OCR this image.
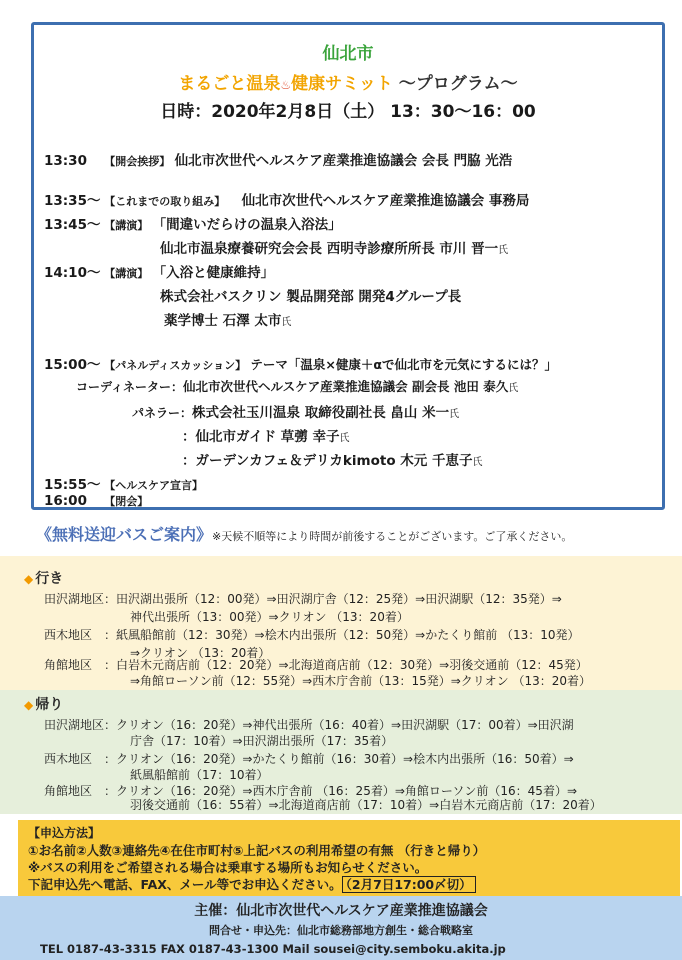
仙北市
まるごと温泉♨健康サミット ～プログラム～
日時：2020年2月8日（土） 13：30～16：00
13:30 【開会挨拶】 仙北市次世代ヘルスケア産業推進協議会 会長 門脇 光浩
13:35～ 【これまでの取り組み】 仙北市次世代ヘルスケア産業推進協議会 事務局
13:45～ 【講演】 「間違いだらけの温泉入浴法」
仙北市温泉療養研究会会長 西明寺診療所所長 市川 晋一氏
14:10～ 【講演】 「入浴と健康維持」
株式会社バスクリン 製品開発部 開発4グループ長
薬学博士 石澤 太市氏
15:00～ 【パネルディスカッション】 テーマ「温泉×健康＋αで仙北市を元気にするには？」
コーディネーター：仙北市次世代ヘルスケア産業推進協議会 副会長 池田 泰久氏
パネラー：株式会社玉川温泉 取締役副社長 畠山 米一氏
：仙北市ガイド 草彅 幸子氏
：ガーデンカフェ＆デリカkimoto 木元 千恵子氏
15:55～ 【ヘルスケア宣言】
16:00 【閉会】
《無料送迎バスご案内》※天候不順等により時間が前後することがございます。ご了承ください。
◆ 行き
田沢湖地区：田沢湖出張所（12：00発）⇒田沢湖庁舎（12：25発）⇒田沢湖駅（12：35発）⇒
神代出張所（13：00発）⇒クリオン （13：20着）
西木地区　：紙風船館前（12：30発）⇒桧木内出張所（12：50発）⇒かたくり館前 （13：10発）
⇒クリオン （13：20着）
角館地区　：白岩木元商店前（12：20発）⇒北海道商店前（12：30発）⇒羽後交通前（12：45発）
⇒角館ローソン前（12：55発）⇒西木庁舎前（13：15発）⇒クリオン （13：20着）
◆ 帰り
田沢湖地区：クリオン（16：20発）⇒神代出張所（16：40着）⇒田沢湖駅（17：00着）⇒田沢湖
庁舎（17：10着）⇒田沢湖出張所（17：35着）
西木地区　：クリオン（16：20発）⇒かたくり館前（16：30着）⇒桧木内出張所（16：50着）⇒
紙風船館前（17：10着）
角館地区　：クリオン（16：20発）⇒西木庁舎前 （16：25着）⇒角館ローソン前（16：45着）⇒
羽後交通前（16：55着）⇒北海道商店前（17：10着）⇒白岩木元商店前（17：20着）
【申込方法】
①お名前②人数③連絡先④在住市町村⑤上記バスの利用希望の有無 （行きと帰り）
※バスの利用をご希望される場合は乗車する場所もお知らせください。
下記申込先へ電話、FAX、メール等でお申込ください。 （2月7日17:00〆切）
主催：仙北市次世代ヘルスケア産業推進協議会
問合せ・申込先：仙北市総務部地方創生・総合戦略室
TEL 0187-43-3315 FAX 0187-43-1300 Mail sousei@city.semboku.akita.jp
